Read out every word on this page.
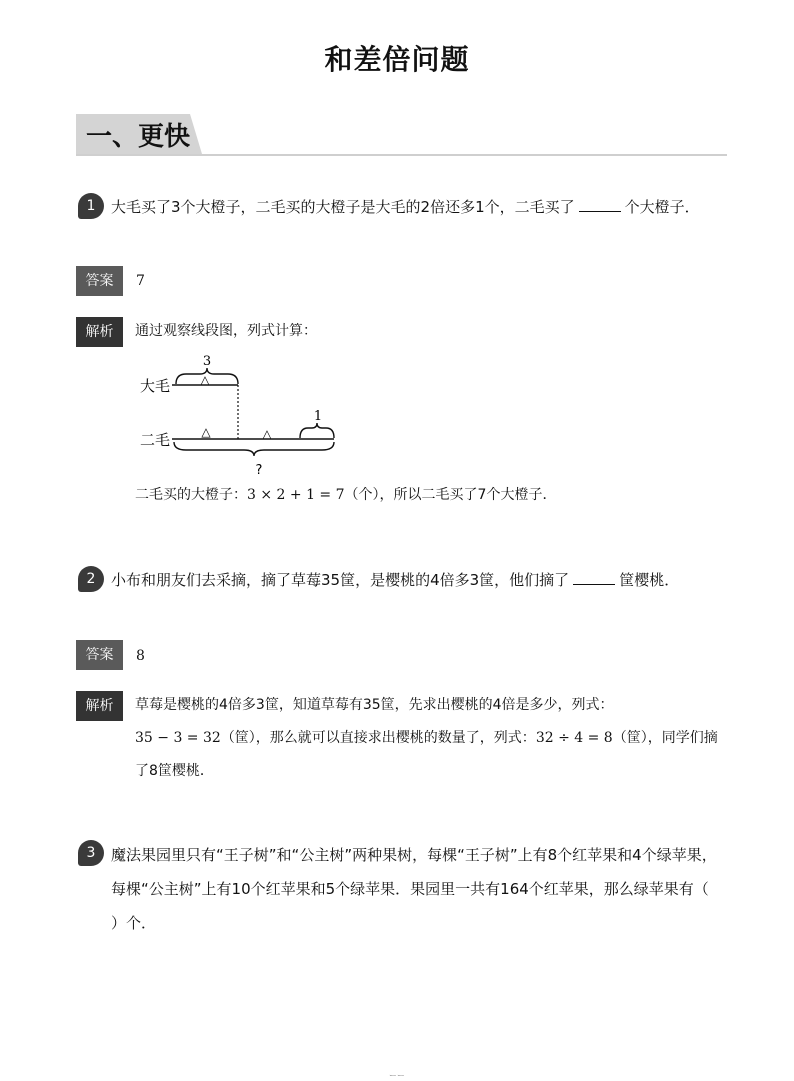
和差倍问题
一、更快
1	大毛买了3个大橙子，二毛买的大橙子是大毛的2倍还多1个，二毛买了	个大橙子．
答案	7
解析	通过观察线段图，列式计算：
3
△
大毛
1
△	△
二毛
?
二毛买的大橙子：3 × 2 + 1 = 7（个），所以二毛买了7个大橙子．
2	小布和朋友们去采摘，摘了草莓35筐，是樱桃的4倍多3筐，他们摘了	筐樱桃．
答案	8
解析	草莓是樱桃的4倍多3筐，知道草莓有35筐，先求出樱桃的4倍是多少，列式：
35 − 3 = 32（筐），那么就可以直接求出樱桃的数量了，列式：32 ÷ 4 = 8（筐），同学们摘
了8筐樱桃．
3	魔法果园里只有“王子树”和“公主树”两种果树，每棵“王子树”上有8个红苹果和4个绿苹果，
每棵“公主树”上有10个红苹果和5个绿苹果．果园里一共有164个红苹果，那么绿苹果有（
）个．
ーー
